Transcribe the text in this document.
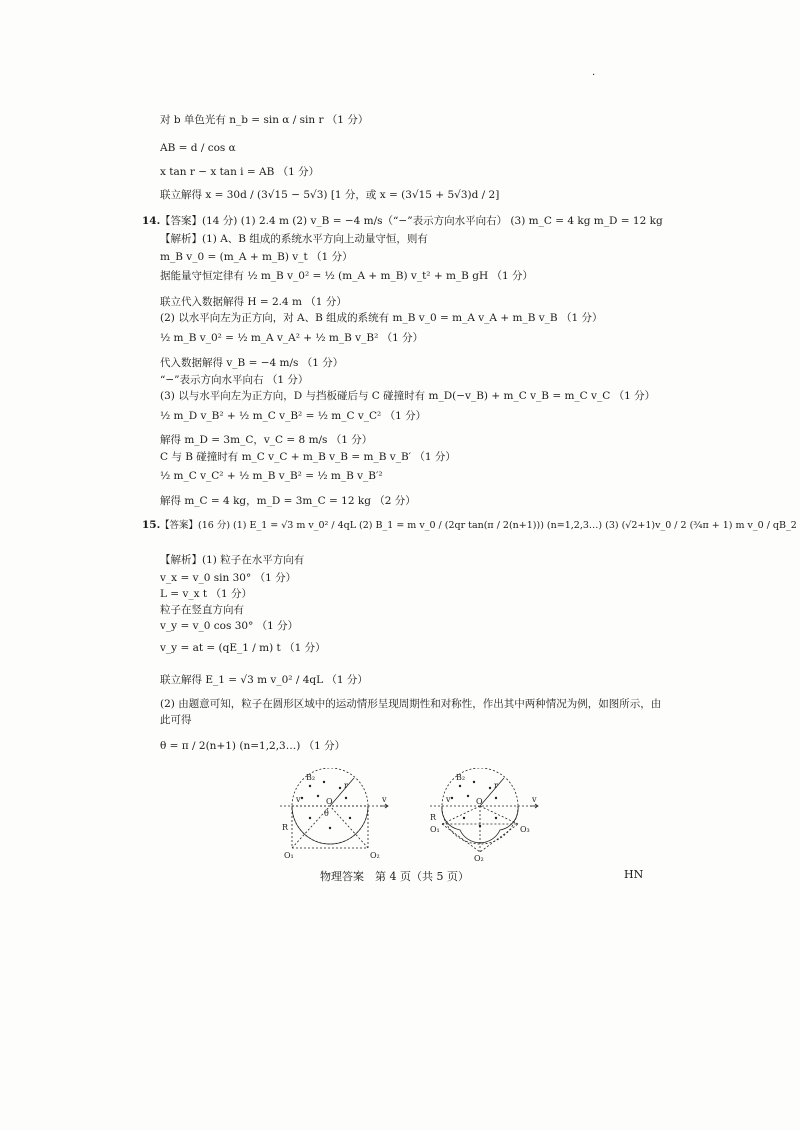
·
对 b 单色光有 n_b = sin α / sin r （1 分）
AB = d / cos α
x tan r − x tan i = AB （1 分）
联立解得 x = 30d / (3√15 − 5√3) [1 分，或 x = (3√15 + 5√3)d / 2]
14. 【答案】(14 分) (1) 2.4 m (2) v_B = −4 m/s（“−”表示方向水平向右） (3) m_C = 4 kg m_D = 12 kg
【解析】(1) A、B 组成的系统水平方向上动量守恒，则有
m_B v_0 = (m_A + m_B) v_t （1 分）
据能量守恒定律有 ½ m_B v_0² = ½ (m_A + m_B) v_t² + m_B gH （1 分）
联立代入数据解得 H = 2.4 m （1 分）
(2) 以水平向左为正方向，对 A、B 组成的系统有 m_B v_0 = m_A v_A + m_B v_B （1 分）
½ m_B v_0² = ½ m_A v_A² + ½ m_B v_B² （1 分）
代入数据解得 v_B = −4 m/s （1 分）
“−”表示方向水平向右 （1 分）
(3) 以与水平向左为正方向，D 与挡板碰后与 C 碰撞时有 m_D(−v_B) + m_C v_B = m_C v_C （1 分）
½ m_D v_B² + ½ m_C v_B² = ½ m_C v_C² （1 分）
解得 m_D = 3m_C，v_C = 8 m/s （1 分）
C 与 B 碰撞时有 m_C v_C + m_B v_B = m_B v_B′ （1 分）
½ m_C v_C² + ½ m_B v_B² = ½ m_B v_B′²
解得 m_C = 4 kg，m_D = 3m_C = 12 kg （2 分）
15. 【答案】(16 分) (1) E_1 = √3 m v_0² / 4qL (2) B_1 = m v_0 / (2qr tan(π / 2(n+1))) (n=1,2,3…) (3) (√2+1)v_0 / 2 (¾π + 1) m v_0 / qB_2
【解析】(1) 粒子在水平方向有
v_x = v_0 sin 30° （1 分）
L = v_x t （1 分）
粒子在竖直方向有
v_y = v_0 cos 30° （1 分）
v_y = at = (qE_1 / m) t （1 分）
联立解得 E_1 = √3 m v_0² / 4qL （1 分）
(2) 由题意可知，粒子在圆形区域中的运动情形呈现周期性和对称性，作出其中两种情况为例，如图所示，由
此可得
θ = π / 2(n+1) (n=1,2,3…) （1 分）
B₂
r
v
O
v
θ
R
O₁	O₂
B₂
r
v
O
v
R
O₁	O₃
O₂
物理答案　第 4 页（共 5 页）	HN
